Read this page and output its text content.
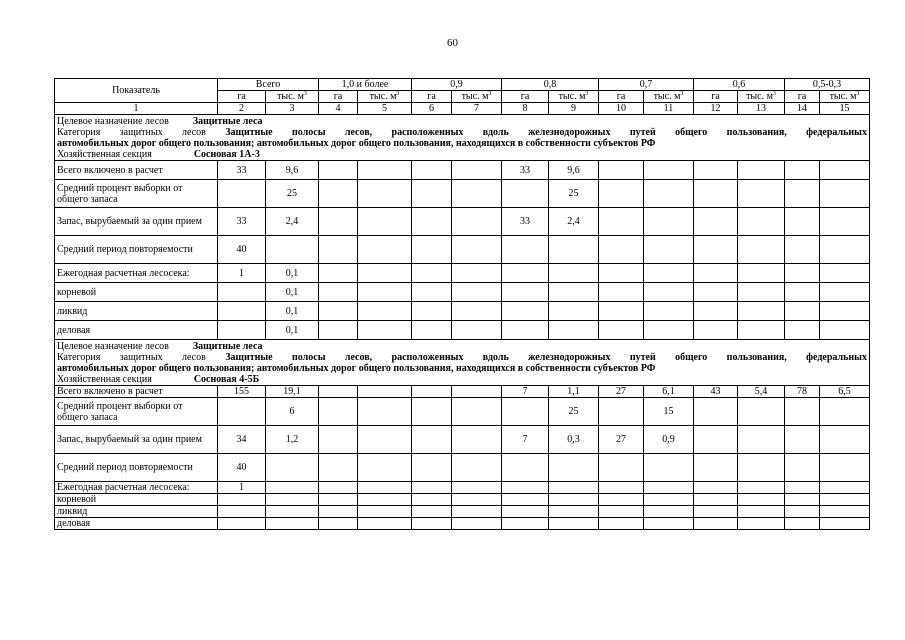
60
Показатель	Всего		1,0 и более		0,9		0,8		0,7		0,6		0,5-0,3	
	га	тыс. $м^3$	га	тыс. $м^3$	га	тыс. $м^3$	га	тыс. $м^3$	га	тыс. $м^3$	га	тыс. $м^3$	га	тыс. $м^3$
1	2	3	4	5	6	7	8	9	10	11	12	13	14	15

Целевое назначение лесов Защитные леса
Категория защитных лесов Защитные полосы лесов, расположенных вдоль железнодорожных путей общего пользования, федеральных
автомобильных дорог общего пользования; автомобильных дорог общего пользования, находящихся в собственности субъектов РФ
Хозяйственная секция Сосновая 1А-3														

Всего включено в расчет	33	9,6					33	9,6						
Средний процент выборки от общего запаса		25						25						
Запас, вырубаемый за один прием	33	2,4					33	2,4						
Средний период повторяемости	40													
Ежегодная расчетная лесосека:	1	0,1												
корневой		0,1												
ликвид		0,1												
деловая		0,1												

Целевое назначение лесов Защитные леса
Категория защитных лесов Защитные полосы лесов, расположенных вдоль железнодорожных путей общего пользования, федеральных
автомобильных дорог общего пользования; автомобильных дорог общего пользования, находящихся в собственности субъектов РФ
Хозяйственная секция Сосновая 4-5Б														

Всего включено в расчет	155	19,1					7	1,1	27	6,1	43	5,4	78	6,5
Средний процент выборки от общего запаса		6						25		15				
Запас, вырубаемый за один прием	34	1,2					7	0,3	27	0,9				
Средний период повторяемости	40													
Ежегодная расчетная лесосека:	1													
корневой														
ликвид														
деловая														
